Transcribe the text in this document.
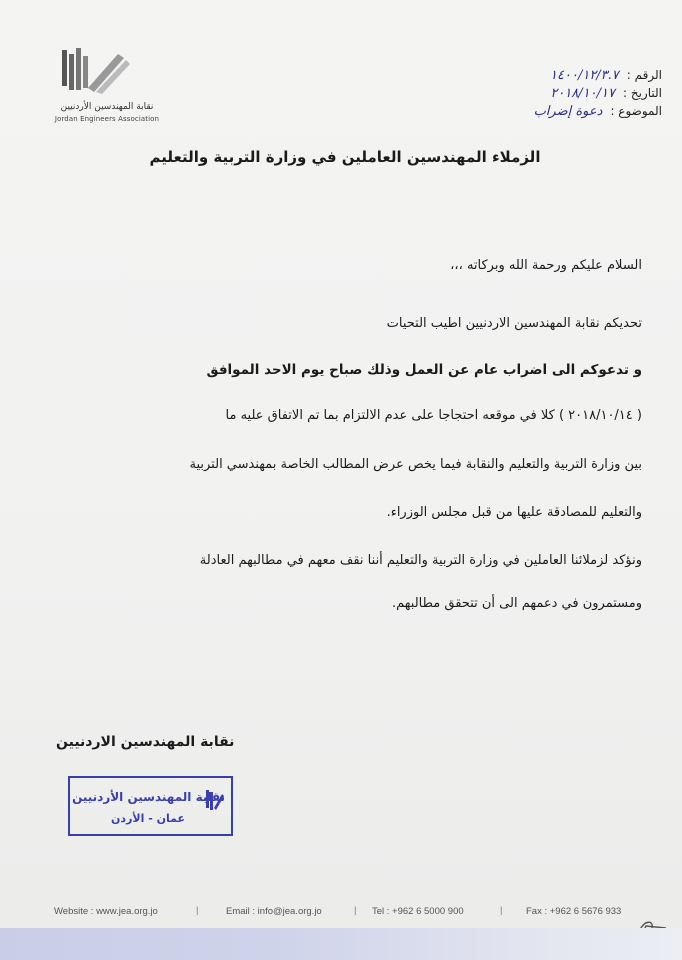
نقابة المهندسين الأردنيين
Jordan Engineers Association
الرقم :
١٤٠٠/١٢/٣.٧
التاريخ :
٢٠١٨/١٠/١٧
الموضوع :
دعوة إضراب
الزملاء المهندسين العاملين في وزارة التربية والتعليم
السلام عليكم ورحمة الله وبركاته ،،،
تحديكم نقابة المهندسين الاردنيين اطيب التحيات
و تدعوكم الى اضراب عام عن العمل وذلك صباح يوم الاحد الموافق
( ٢٠١٨/١٠/١٤ ) كلا في موقعه احتجاجا على عدم الالتزام بما تم الاتفاق عليه ما
بين وزارة التربية والتعليم والنقابة فيما يخص عرض المطالب الخاصة بمهندسي التربية
والتعليم للمصادقة عليها من قبل مجلس الوزراء.
ونؤكد لزملائنا العاملين في وزارة التربية والتعليم أننا نقف معهم في مطالبهم العادلة
ومستمرون في دعمهم الى أن تتحقق مطالبهم.
نقابة المهندسين الاردنيين
نقابة المهندسين الأردنيين
عمان - الأردن
Website : www.jea.org.jo	|	Email : info@jea.org.jo	| Tel : +962 6 5000 900	| Fax : +962 6 5676 933
